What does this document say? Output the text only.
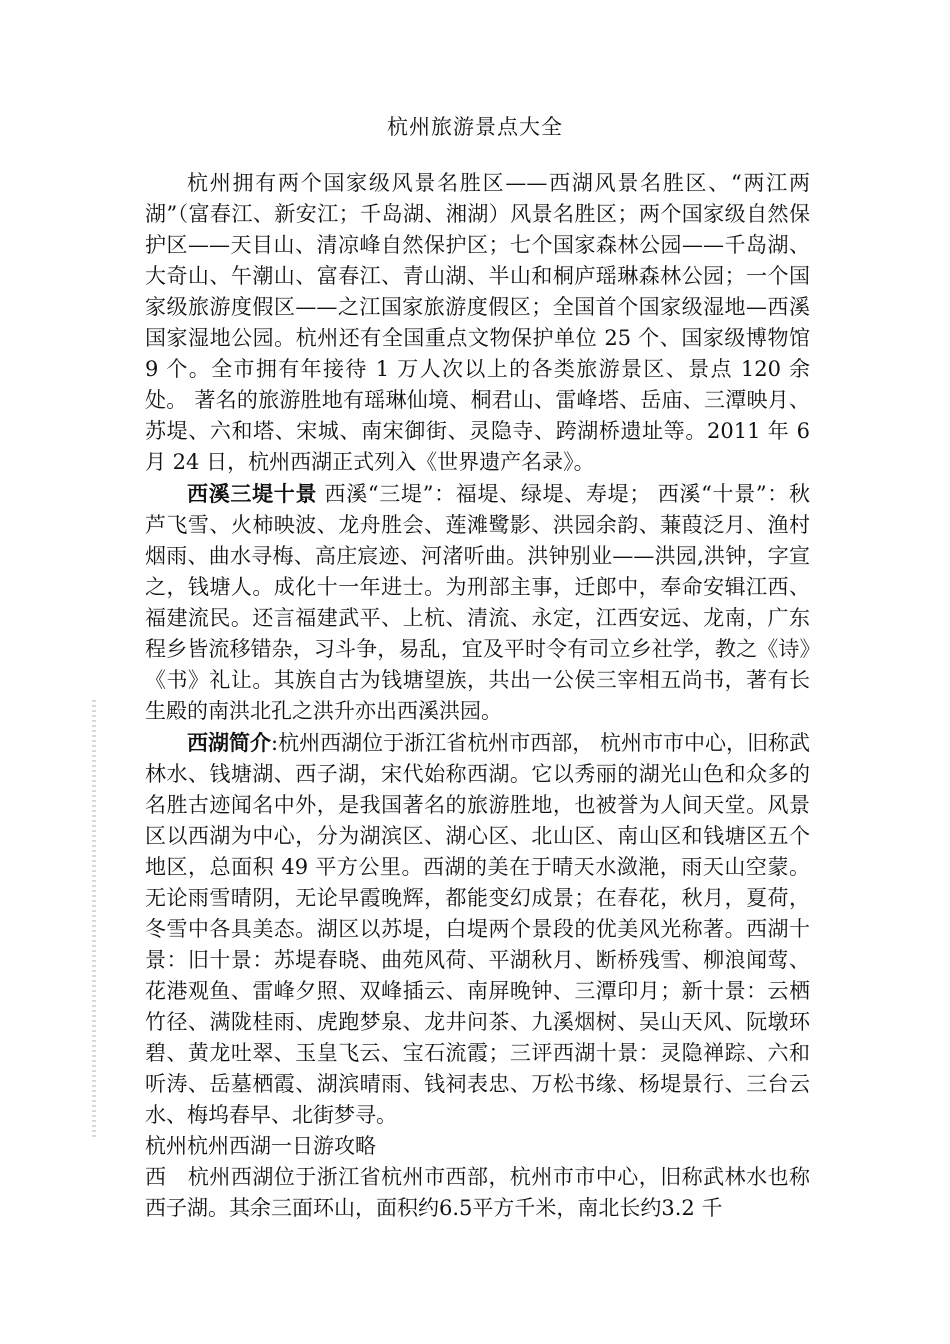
杭州旅游景点大全

杭州拥有两个国家级风景名胜区——西湖风景名胜区、“两江两湖”（富春江、新安江；千岛湖、湘湖）风景名胜区；两个国家级自然保护区——天目山、清凉峰自然保护区；七个国家森林公园——千岛湖、大奇山、午潮山、富春江、青山湖、半山和桐庐瑶琳森林公园；一个国家级旅游度假区——之江国家旅游度假区；全国首个国家级湿地—西溪国家湿地公园。杭州还有全国重点文物保护单位 25 个、国家级博物馆 9 个。全市拥有年接待 1 万人次以上的各类旅游景区、景点 120 余处。 著名的旅游胜地有瑶琳仙境、桐君山、雷峰塔、岳庙、三潭映月、苏堤、六和塔、宋城、南宋御街、灵隐寺、跨湖桥遗址等。2011 年 6 月 24 日，杭州西湖正式列入《世界遗产名录》。

西溪三堤十景 西溪“三堤”：福堤、绿堤、寿堤； 西溪“十景”：秋芦飞雪、火柿映波、龙舟胜会、莲滩鹭影、洪园余韵、蒹葭泛月、渔村烟雨、曲水寻梅、高庄宸迹、河渚听曲。洪钟别业——洪园,洪钟，字宣之，钱塘人。成化十一年进士。为刑部主事，迁郎中，奉命安辑江西、福建流民。还言福建武平、上杭、清流、永定，江西安远、龙南，广东程乡皆流移错杂，习斗争，易乱，宜及平时令有司立乡社学，教之《诗》《书》礼让。其族自古为钱塘望族，共出一公侯三宰相五尚书，著有长生殿的南洪北孔之洪升亦出西溪洪园。

西湖简介:杭州西湖位于浙江省杭州市西部， 杭州市市中心，旧称武林水、钱塘湖、西子湖，宋代始称西湖。它以秀丽的湖光山色和众多的名胜古迹闻名中外，是我国著名的旅游胜地，也被誉为人间天堂。风景区以西湖为中心，分为湖滨区、湖心区、北山区、南山区和钱塘区五个地区，总面积 49 平方公里。西湖的美在于晴天水潋滟，雨天山空蒙。无论雨雪晴阴，无论早霞晚辉，都能变幻成景；在春花，秋月，夏荷，冬雪中各具美态。湖区以苏堤，白堤两个景段的优美风光称著。西湖十景：旧十景：苏堤春晓、曲苑风荷、平湖秋月、断桥残雪、柳浪闻莺、花港观鱼、雷峰夕照、双峰插云、南屏晚钟、三潭印月；新十景：云栖竹径、满陇桂雨、虎跑梦泉、龙井问茶、九溪烟树、吴山天风、阮墩环碧、黄龙吐翠、玉皇飞云、宝石流霞；三评西湖十景：灵隐禅踪、六和听涛、岳墓栖霞、湖滨晴雨、钱祠表忠、万松书缘、杨堤景行、三台云水、梅坞春早、北街梦寻。

杭州杭州西湖一日游攻略

西　杭州西湖位于浙江省杭州市西部，杭州市市中心，旧称武林水也称西子湖。其余三面环山，面积约6.5平方千米，南北长约3.2 千
